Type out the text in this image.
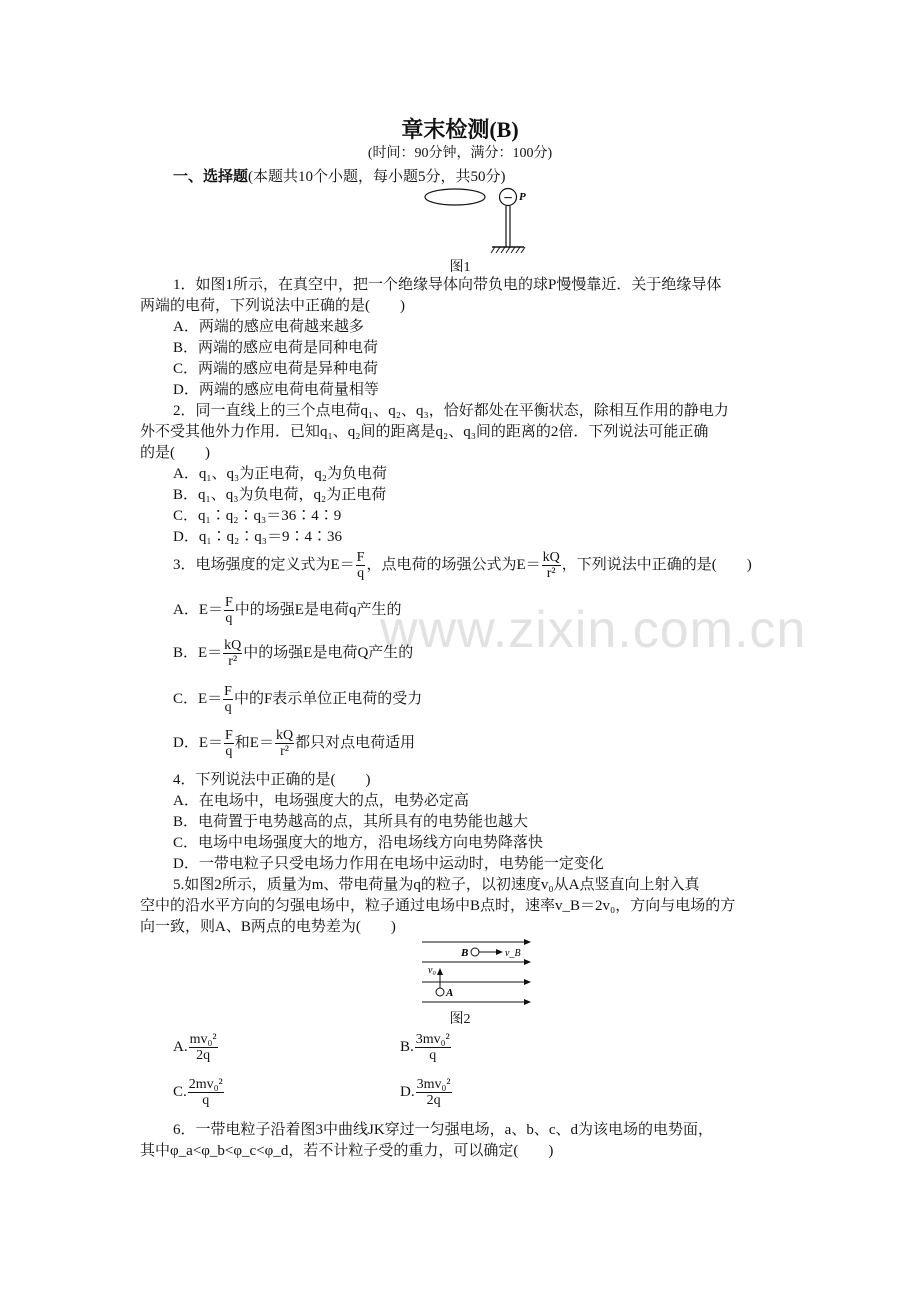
www.zixin.com.cn
章末检测(B)
(时间：90分钟，满分：100分)
一、选择题(本题共10个小题，每小题5分，共50分)
− P
图1
1．如图1所示，在真空中，把一个绝缘导体向带负电的球P慢慢靠近．关于绝缘导体
两端的电荷，下列说法中正确的是(　　)
A．两端的感应电荷越来越多
B．两端的感应电荷是同种电荷
C．两端的感应电荷是异种电荷
D．两端的感应电荷电荷量相等
2．同一直线上的三个点电荷q₁、q₂、q₃，恰好都处在平衡状态，除相互作用的静电力
外不受其他外力作用．已知q₁、q₂间的距离是q₂、q₃间的距离的2倍．下列说法可能正确
的是(　　)
A．q₁、q₃为正电荷，q₂为负电荷
B．q₁、q₃为负电荷，q₂为正电荷
C．q₁∶q₂∶q₃＝36∶4∶9
D．q₁∶q₂∶q₃＝9∶4∶36
3．电场强度的定义式为$E= \frac{F}{q}$ ，点电荷的场强公式为$E= \frac{kQ}{\text{r²}}$ ，下列说法中正确的是(　　)
A．$E= \frac{F}{q}$ 中的场强E是电荷q产生的
B．$E= \frac{kQ}{\text{r²}}$ 中的场强E是电荷Q产生的
C．$E= \frac{F}{q}$ 中的F表示单位正电荷的受力
D．$E= \frac{F}{q}$ 和$E= \frac{kQ}{\text{r²}}$ 都只对点电荷适用
4．下列说法中正确的是(　　)
A．在电场中，电场强度大的点，电势必定高
B．电荷置于电势越高的点，其所具有的电势能也越大
C．电场中电场强度大的地方，沿电场线方向电势降落快
D．一带电粒子只受电场力作用在电场中运动时，电势能一定变化
5.如图2所示，质量为m、带电荷量为q的粒子，以初速度v₀从A点竖直向上射入真
空中的沿水平方向的匀强电场中，粒子通过电场中B点时，速率v_B＝2v₀，方向与电场的方
向一致，则A、B两点的电势差为(　　)
B	v_B
v₀
A
图2
A. $\frac{\text{mv₀²}}{2q}$	B. $\frac{\text{3mv₀²}}{q}$
C. $\frac{\text{2mv₀²}}{q}$	D. $\frac{\text{3mv₀²}}{2q}$
6．一带电粒子沿着图3中曲线JK穿过一匀强电场，a、b、c、d为该电场的电势面，
其中φ_a<φ_b<φ_c<φ_d，若不计粒子受的重力，可以确定(　　)
